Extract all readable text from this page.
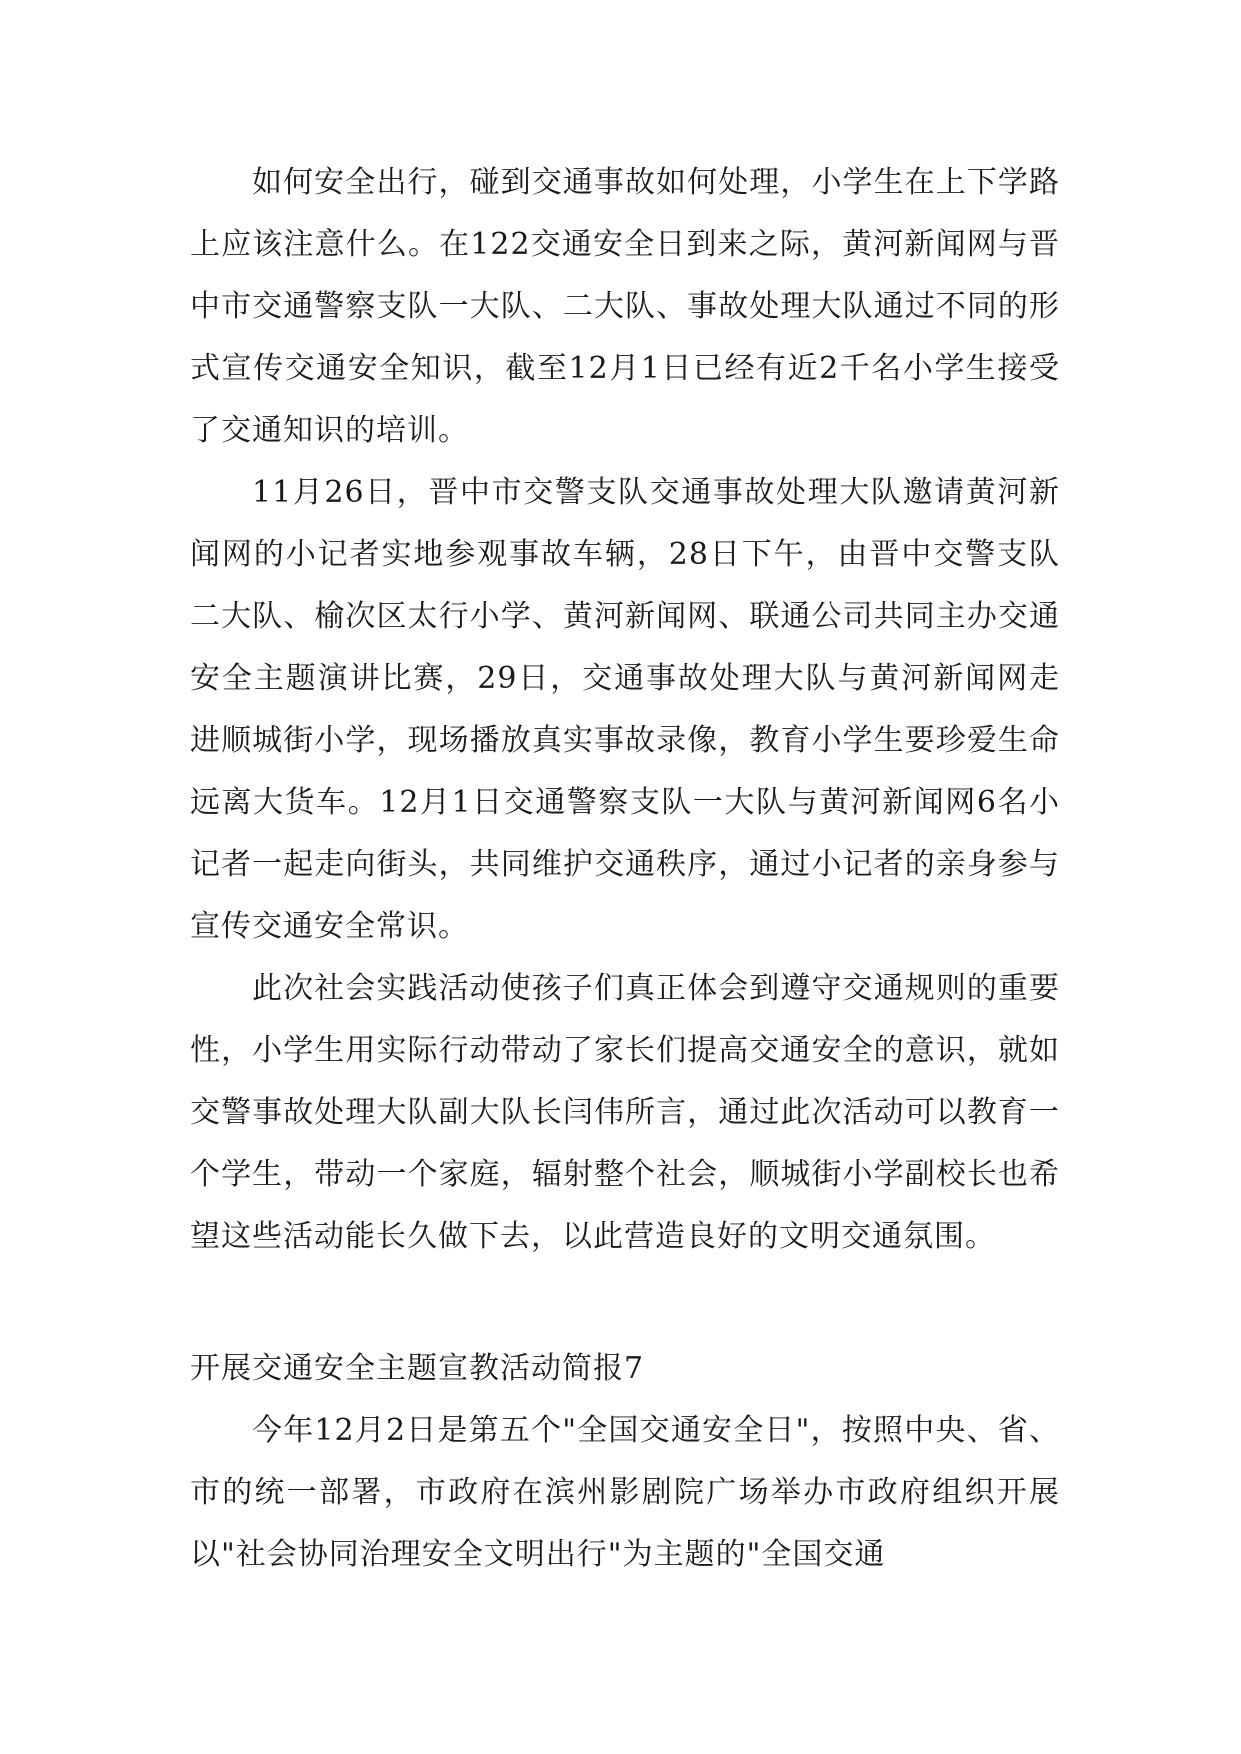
如何安全出行，碰到交通事故如何处理，小学生在上下学路上应该注意什么。在122交通安全日到来之际，黄河新闻网与晋中市交通警察支队一大队、二大队、事故处理大队通过不同的形式宣传交通安全知识，截至12月1日已经有近2千名小学生接受了交通知识的培训。

11月26日，晋中市交警支队交通事故处理大队邀请黄河新闻网的小记者实地参观事故车辆，28日下午，由晋中交警支队二大队、榆次区太行小学、黄河新闻网、联通公司共同主办交通安全主题演讲比赛，29日，交通事故处理大队与黄河新闻网走进顺城街小学，现场播放真实事故录像，教育小学生要珍爱生命远离大货车。12月1日交通警察支队一大队与黄河新闻网6名小记者一起走向街头，共同维护交通秩序，通过小记者的亲身参与宣传交通安全常识。

此次社会实践活动使孩子们真正体会到遵守交通规则的重要性，小学生用实际行动带动了家长们提高交通安全的意识，就如交警事故处理大队副大队长闫伟所言，通过此次活动可以教育一个学生，带动一个家庭，辐射整个社会，顺城街小学副校长也希望这些活动能长久做下去，以此营造良好的文明交通氛围。

开展交通安全主题宣教活动简报7

今年12月2日是第五个"全国交通安全日"，按照中央、省、市的统一部署，市政府在滨州影剧院广场举办市政府组织开展以"社会协同治理安全文明出行"为主题的"全国交通
